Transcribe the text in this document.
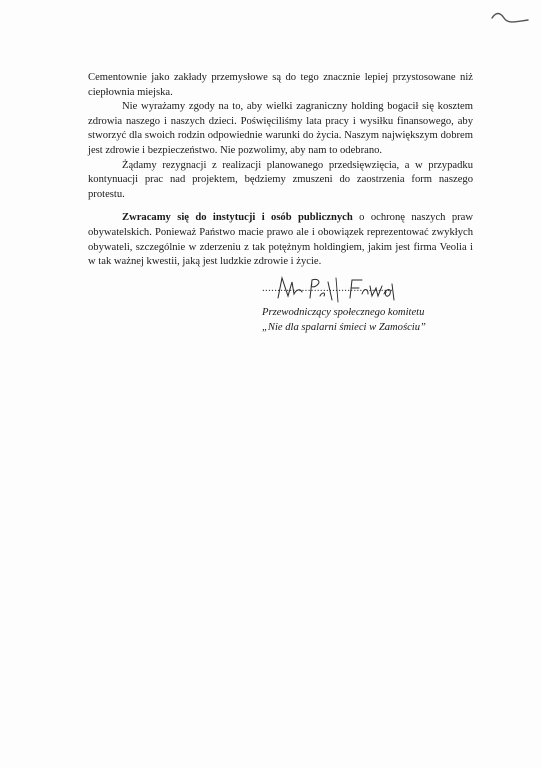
Cementownie jako zakłady przemysłowe są do tego znacznie lepiej przystosowane niż ciepłownia miejska.

Nie wyrażamy zgody na to, aby wielki zagraniczny holding bogacił się kosztem zdrowia naszego i naszych dzieci. Poświęciliśmy lata pracy i wysiłku finansowego, aby stworzyć dla swoich rodzin odpowiednie warunki do życia. Naszym największym dobrem jest zdrowie i bezpieczeństwo. Nie pozwolimy, aby nam to odebrano.

Żądamy rezygnacji z realizacji planowanego przedsięwzięcia, a w przypadku kontynuacji prac nad projektem, będziemy zmuszeni do zaostrzenia form naszego protestu.

Zwracamy się do instytucji i osób publicznych o ochronę naszych praw obywatelskich. Ponieważ Państwo macie prawo ale i obowiązek reprezentować zwykłych obywateli, szczególnie w zderzeniu z tak potężnym holdingiem, jakim jest firma Veolia i w tak ważnej kwestii, jaką jest ludzkie zdrowie i życie.

...........................................
Przewodniczący społecznego komitetu
„Nie dla spalarni śmieci w Zamościu”
